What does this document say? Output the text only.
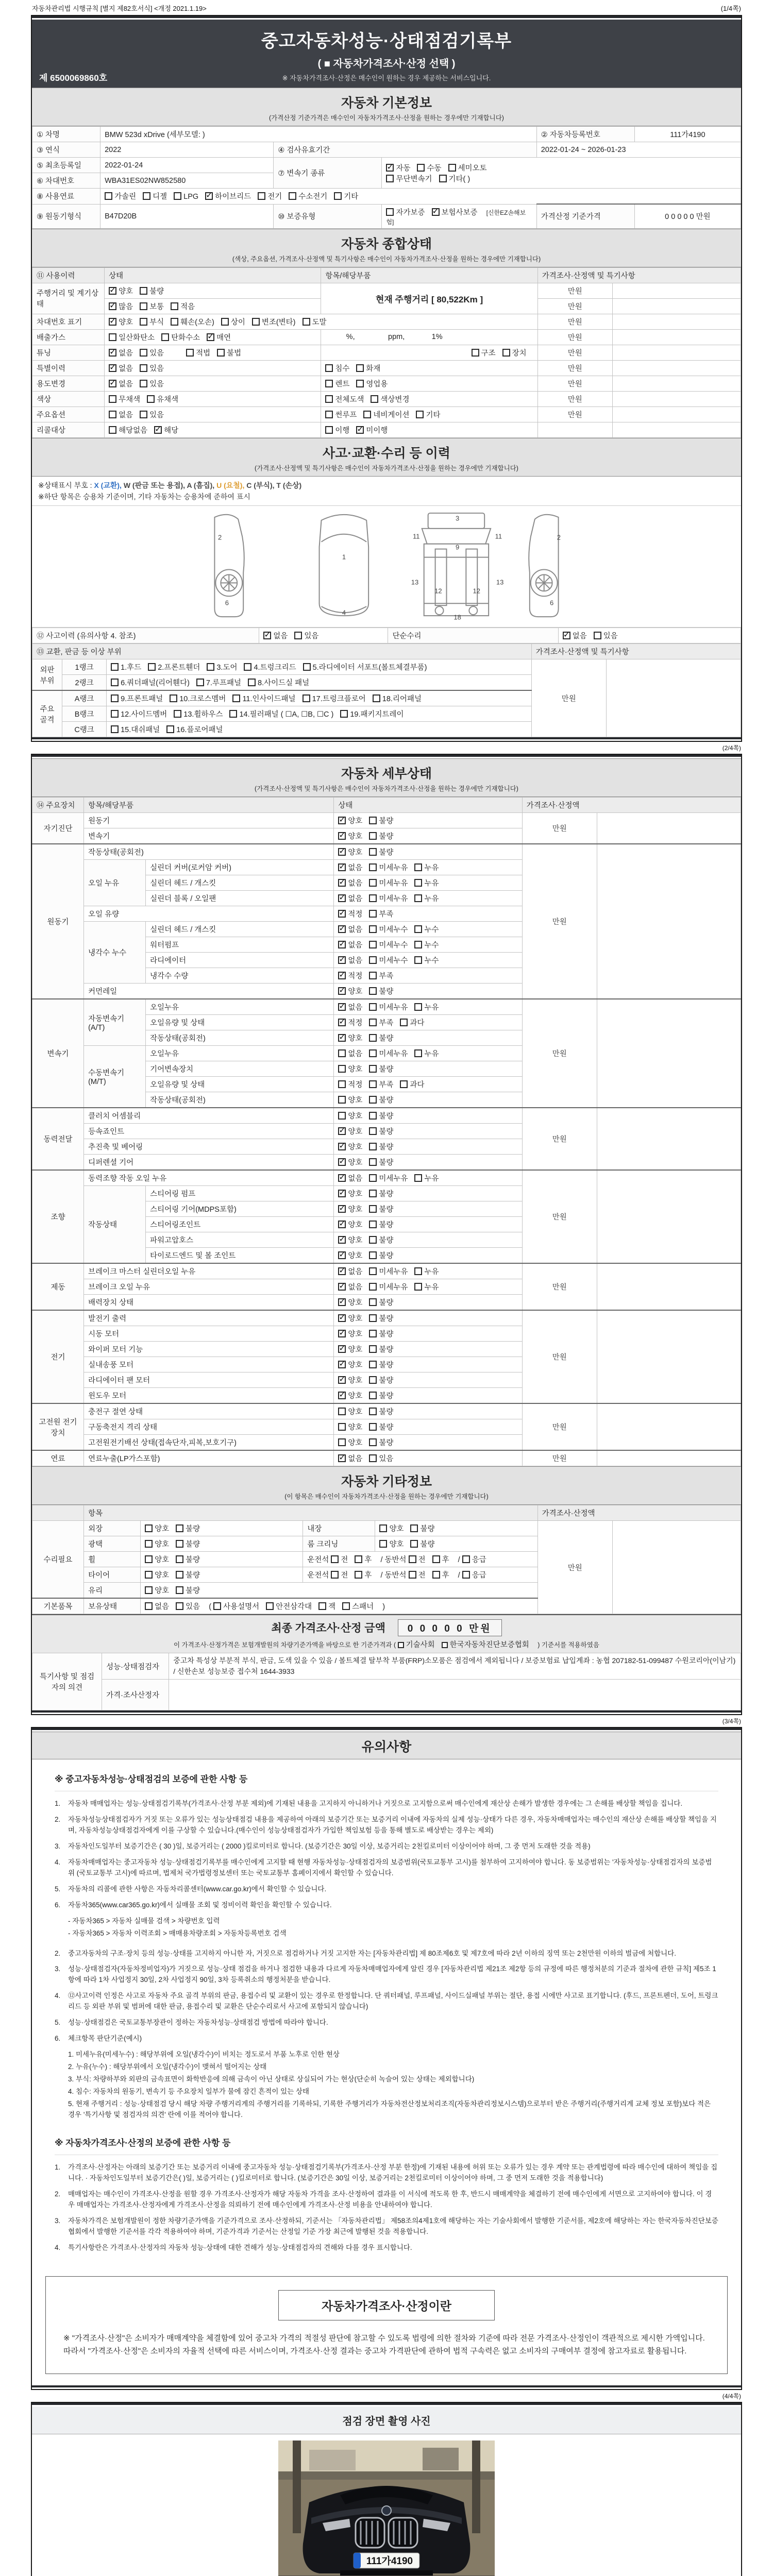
자동차관리법 시행규칙 [별지 제82호서식] <개정 2021.1.19>	(1/4쪽)
중고자동차성능·상태점검기록부
( ■ 자동차가격조사·산정 선택 )
※ 자동차가격조사·산정은 매수인이 원하는 경우 제공하는 서비스입니다.
제 6500069860호
자동차 기본정보
(가격산정 기준가격은 매수인이 자동차가격조사·산정을 원하는 경우에만 기재합니다)
① 차명	BMW 523d xDrive (세부모델: )			② 자동차등록번호	111가4190
③ 연식	2022	④ 검사유효기간		2022-01-24 ~ 2026-01-23	
⑤ 최초등록일	2022-01-24	⑦ 변속기 종류	
✓자동 수동 세미오토
무단변속기 기타( )

⑥ 차대번호	WBA31ES02NW852580				
⑧ 사용연료	가솔린 디젤 LPG ✓ 하이브리드 전기 수소전기 기타
⑨ 원동기형식	B47D20B	⑩ 보증유형	자가보증 ✓ 보험사보증 [신한EZ손해보험]	가격산정 기준가격	0 0 0 0 0 만원
자동차 종합상태
(색상, 주요옵션, 가격조사·산정액 및 특기사항은 매수인이 자동차가격조사·산정을 원하는 경우에만 기재합니다)
⑪ 사용이력	상태	항목/해당부품	가격조사·산정액 및 특기사항	
주행거리 및 계기상태	✓양호 불량	현재 주행거리 [ 80,522Km ]	만원	
✓많음 보통 적음		만원	
차대번호 표기	✓양호 부식 훼손(오손) 상이 변조(변타) 도말		만원	
배출가스	일산화탄소 탄화수소 ✓ 매연	%,                ppm,             1%	만원	
튜닝	✓없음 있음 적법 불법	구조 장치	만원	
특별이력	✓없음 있음	침수 화재	만원	
용도변경	✓없음 있음	렌트 영업용	만원	
색상	무채색 유채색	전체도색 색상변경	만원	
주요옵션	없음 있음	썬루프 네비게이션 기타	만원	
리콜대상	해당없음 ✓ 해당	이행 ✓ 미이행		
사고·교환·수리 등 이력
(가격조사·산정액 및 특기사항은 매수인이 자동차가격조사·산정을 원하는 경우에만 기재합니다)
※상태표시 부호 : X (교환), W (판금 또는 용접), A (흠집), U (요철), C (부식), T (손상)
※하단 항목은 승용차 기준이며, 기타 자동차는 승용차에 준하여 표시
2
6
1
4
3
9
11	11
13	13
12	12
18
2
6
⑫ 사고이력 (유의사항 4. 참조)	✓없음 있음	단순수리	✓없음 있음
⑬ 교환, 판금 등 이상 부위			가격조사·산정액 및 특기사항	
외판 부위	1랭크	1.후드 2.프론트휀더 3.도어 4.트렁크리드 5.라디에이터 서포트(볼트체결부품)	만원	
	2랭크	6.쿼더패널(리어휀다) 7.루프패널 8.사이드실 패널		
주요 골격	A랭크	9.프론트패널 10.크로스멤버 11.인사이드패널 17.트렁크플로어 18.리어패널		
	B랭크	12.사이드멤버 13.휠하우스 14.필러패널 ( ☐A, ☐B, ☐C ) 19.패키지트레이		
	C랭크	15.대쉬패널 16.플로어패널		
(2/4쪽)
자동차 세부상태
(가격조사·산정액 및 특기사항은 매수인이 자동차가격조사·산정을 원하는 경우에만 기재합니다)
⑭ 주요장치	항목/해당부품		상태	가격조사·산정액	
자기진단	원동기	✓양호 불량	만원	
	변속기	✓양호 불량
원동기	작동상태(공회전)	✓양호 불량	만원	
	오일 누유	실린더 커버(로커암 커버)	✓없음 미세누유 누유
		실린더 헤드 / 개스킷	✓없음 미세누유 누유
		실린더 블록 / 오일팬	✓없음 미세누유 누유
	오일 유량	✓적정 부족
	냉각수 누수	실린더 헤드 / 개스킷	✓없음 미세누수 누수
		워터펌프	✓없음 미세누수 누수
		라디에이터	✓없음 미세누수 누수
		냉각수 수량	✓적정 부족
	커먼레일	✓양호 불량
변속기	자동변속기 (A/T)	오일누유	✓없음 미세누유 누유	만원	
		오일유량 및 상태	✓적정 부족 과다
		작동상태(공회전)	✓양호 불량
	수동변속기 (M/T)	오일누유	없음 미세누유 누유		
		기어변속장치	양호 불량		
		오일유량 및 상태	적정 부족 과다		
		작동상태(공회전)	양호 불량		
동력전달	클러치 어셈블리		양호 불량	만원	
	등속죠인트	✓양호 불량
	추진축 및 베어링	✓양호 불량
	디퍼렌셜 기어	✓양호 불량
조향	동력조향 작동 오일 누유	✓없음 미세누유 누유	만원	
	작동상태	스티어링 펌프	✓양호 불량
		스티어링 기어(MDPS포함)	✓양호 불량
		스티어링조인트	✓양호 불량
		파워고압호스	✓양호 불량
		타이로드엔드 및 볼 조인트	✓양호 불량
제동	브레이크 마스터 실린더오일 누유	✓없음 미세누유 누유	만원	
	브레이크 오일 누유	✓없음 미세누유 누유
	배력장치 상태	✓양호 불량
전기	발전기 출력	✓양호 불량	만원	
	시동 모터	✓양호 불량
	와이퍼 모터 기능	✓양호 불량
	실내송풍 모터	✓양호 불량
	라디에이터 팬 모터	✓양호 불량
	윈도우 모터	✓양호 불량
고전원 전기장치	충전구 절연 상태		양호 불량	만원	
	구동축전지 격리 상태		양호 불량		
	고전원전기배선 상태(접속단자,피복,보호기구)		양호 불량		
연료	연료누출(LP가스포함)	✓없음 있음	만원	
자동차 기타정보
(이 항목은 매수인이 자동차가격조사·산정을 원하는 경우에만 기재합니다)
	항목				가격조사·산정액	
수리필요	외장	양호 불량	내장	양호 불량	만원	
	광택	양호 불량	룸 크리닝	양호 불량		
	휠	양호 불량	운전석 전 후 / 동반석 전 후 / 응급			
	타이어	양호 불량	운전석 전 후 / 동반석 전 후 / 응급			
	유리	양호 불량				
기본품목	보유상태	없음 있음 ( 사용설명서 안전삼각대 잭 스패너 )				
최종 가격조사·산정 금액 0 0 0 0 0 만원
이 가격조사·산정가격은 보험개발원의 차량기준가액을 바탕으로 한 기준가격과 ( 기술사회 한국자동차진단보증협회 ) 기준서를 적용하였음
특기사항 및 점검자의 의견	성능·상태점검자	중고차 특성상 부분적 부식, 판금, 도색 있을 수 있음 / 볼트체결 탈부착 부품(FRP)소모품은 점검에서 제외됩니다 / 보증보험료 납입계좌 : 농협 207182-51-099487 수원코리아(이남기) / 신한손보 성능보증 접수처 1644-3933
	가격·조사산정자	
(3/4쪽)
유의사항
※ 중고자동차성능·상태점검의 보증에 관한 사항 등
1.	자동차 매매업자는 성능·상태점검기록부(가격조사·산정 부분 제외)에 기재된 내용을 고지하지 아니하거나 거짓으로 고지함으로써 매수인에게 재산상 손해가 발생한 경우에는 그 손해를 배상할 책임을 집니다.
2.	자동차성능상태점검자가 거짓 또는 오류가 있는 성능상태점검 내용을 제공하여 아래의 보증기간 또는 보증거리 이내에 자동차의 실제 성능·상태가 다른 경우, 자동차매매업자는 매수인의 재산상 손해를 배상할 책임을 지며, 자동차성능상태점검자에게 이를 구상할 수 있습니다.(매수인이 성능상태점검자가 가입한 책임보험 등을 통해 별도로 배상받는 경우는 제외)
3.	자동차인도일부터 보증기간은 ( 30 )일, 보증거리는 ( 2000 )킬로미터로 합니다. (보증기간은 30일 이상, 보증거리는 2천킬로미터 이상이어야 하며, 그 중 먼저 도래한 것을 적용)
4.	자동차매매업자는 중고자동차 성능·상태점검기록부를 매수인에게 고지할 때 현행 자동차성능·상태점검자의 보증범위(국토교통부 고시)를 첨부하여 고지하여야 합니다. 동 보증범위는 '자동차성능·상태점검자의 보증범위 (국토교통부 고시)에 따르며, 법제처 국가법령정보센터 또는 국토교통부 홈페이지에서 확인할 수 있습니다.
5.	자동차의 리콜에 관한 사항은 자동차리콜센터(www.car.go.kr)에서 확인할 수 있습니다.
6.	자동차365(www.car365.go.kr)에서 실매물 조회 및 정비이력 확인을 확인할 수 있습니다.
- 자동차365 > 자동차 실매물 검색 > 차량번호 입력
- 자동차365 > 자동차 이력조회 > 매매용차량조회 > 자동차등록번호 검색
2.	중고자동차의 구조·장치 등의 성능·상태를 고지하지 아니한 자, 거짓으로 점검하거나 거짓 고지한 자는 [자동차관리법] 제 80조제6호 및 제7호에 따라 2년 이하의 징역 또는 2천만원 이하의 벌금에 처합니다.
3.	성능·상태점검자(자동차정비업자)가 거짓으로 성능·상태 점검을 하거나 점검한 내용과 다르게 자동차매매업자에게 알린 경우 [자동차관리법 제21조 제2항 등의 규정에 따른 행정처분의 기준과 절차에 관한 규칙] 제5조 1항에 따라 1차 사업정지 30일, 2차 사업정지 90일, 3차 등록취소의 행정처분을 받습니다.
4.	⑫사고이력 인정은 사고로 자동차 주요 골격 부위의 판금, 용접수리 및 교환이 있는 경우로 한정합니다. 단 쿼터패널, 루프패널, 사이드실패널 부위는 절단, 용접 시에만 사고로 표기합니다. (후드, 프론트펜더, 도어, 트렁크리드 등 외판 부위 및 범퍼에 대한 판금, 용접수리 및 교환은 단순수리로서 사고에 포함되지 않습니다)
5.	성능·상태점검은 국토교통부장관이 정하는 자동차성능·상태점검 방법에 따라야 합니다.
6.	체크항목 판단기준(예시)
1. 미세누유(미세누수) : 해당부위에 오일(냉각수)이 비치는 정도로서 부품 노후로 인한 현상
2. 누유(누수) : 해당부위에서 오일(냉각수)이 맺혀서 떨어지는 상태
3. 부식: 차량하부와 외판의 금속표면이 화학반응에 의해 금속이 아닌 상태로 상실되어 가는 현상(단순히 녹슬어 있는 상태는 제외합니다)
4. 침수: 자동차의 원동기, 변속기 등 주요장치 일부가 물에 잠긴 흔적이 있는 상태
5. 현재 주행거리 : 성능·상태점검 당시 해당 차량 주행거리계의 주행거리를 기록하되, 기록한 주행거리가 자동차전산정보처리조직(자동차관리정보시스템)으로부터 받은 주행거리(주행거리계 교체 정보 포함)보다 적은 경우 '특기사항 및 점검자의 의견' 란에 이를 적어야 합니다.
※ 자동차가격조사·산정의 보증에 관한 사항 등
1.	가격조사·산정자는 아래의 보증기간 또는 보증거리 이내에 중고자동차 성능·상태점검기록부(가격조사·산정 부분 한정)에 기재된 내용에 허위 또는 오류가 있는 경우 계약 또는 관계법령에 따라 매수인에 대하여 책임을 집니다. · 자동차인도일부터 보증기간은( )일, 보증거리는 ( )킬로미터로 합니다. (보증기간은 30일 이상, 보증거리는 2천킬로미터 이상이어야 하며, 그 중 먼저 도래한 것을 적용합니다)
2.	매매업자는 매수인이 가격조사·산정을 원할 경우 가격조사·산정자가 해당 자동차 가격을 조사·산정하여 결과를 이 서식에 적도록 한 후, 반드시 매매계약을 체결하기 전에 매수인에게 서면으로 고지하여야 합니다. 이 경우 매매업자는 가격조사·산정자에게 가격조사·산정을 의뢰하기 전에 매수인에게 가격조사·산정 비용을 안내하여야 합니다.
3.	자동차가격은 보험개발원이 정한 차량기준가액을 기준가격으로 조사·산정하되, 기준서는 「자동차관리법」 제58조의4제1호에 해당하는 자는 기술사회에서 발행한 기준서를, 제2호에 해당하는 자는 한국자동차진단보증협회에서 발행한 기준서를 각각 적용하여야 하며, 기준가격과 기준서는 산정일 기준 가장 최근에 발행된 것을 적용합니다.
4.	특기사항란은 가격조사·산정자의 자동차 성능·상태에 대한 견해가 성능·상태점검자의 견해와 다를 경우 표시합니다.
자동차가격조사·산정이란
※ "가격조사·산정"은 소비자가 매매계약을 체결함에 있어 중고차 가격의 적절성 판단에 참고할 수 있도록 법령에 의한 절차와 기준에 따라 전문 가격조사·산정인이 객관적으로 제시한 가액입니다. 따라서 "가격조사·산정"은 소비자의 자율적 선택에 따른 서비스이며, 가격조사·산정 결과는 중고차 가격판단에 관하여 법적 구속력은 없고 소비자의 구매여부 결정에 참고자료로 활용됩니다.
(4/4쪽)
점검 장면 촬영 사진
111가4190
